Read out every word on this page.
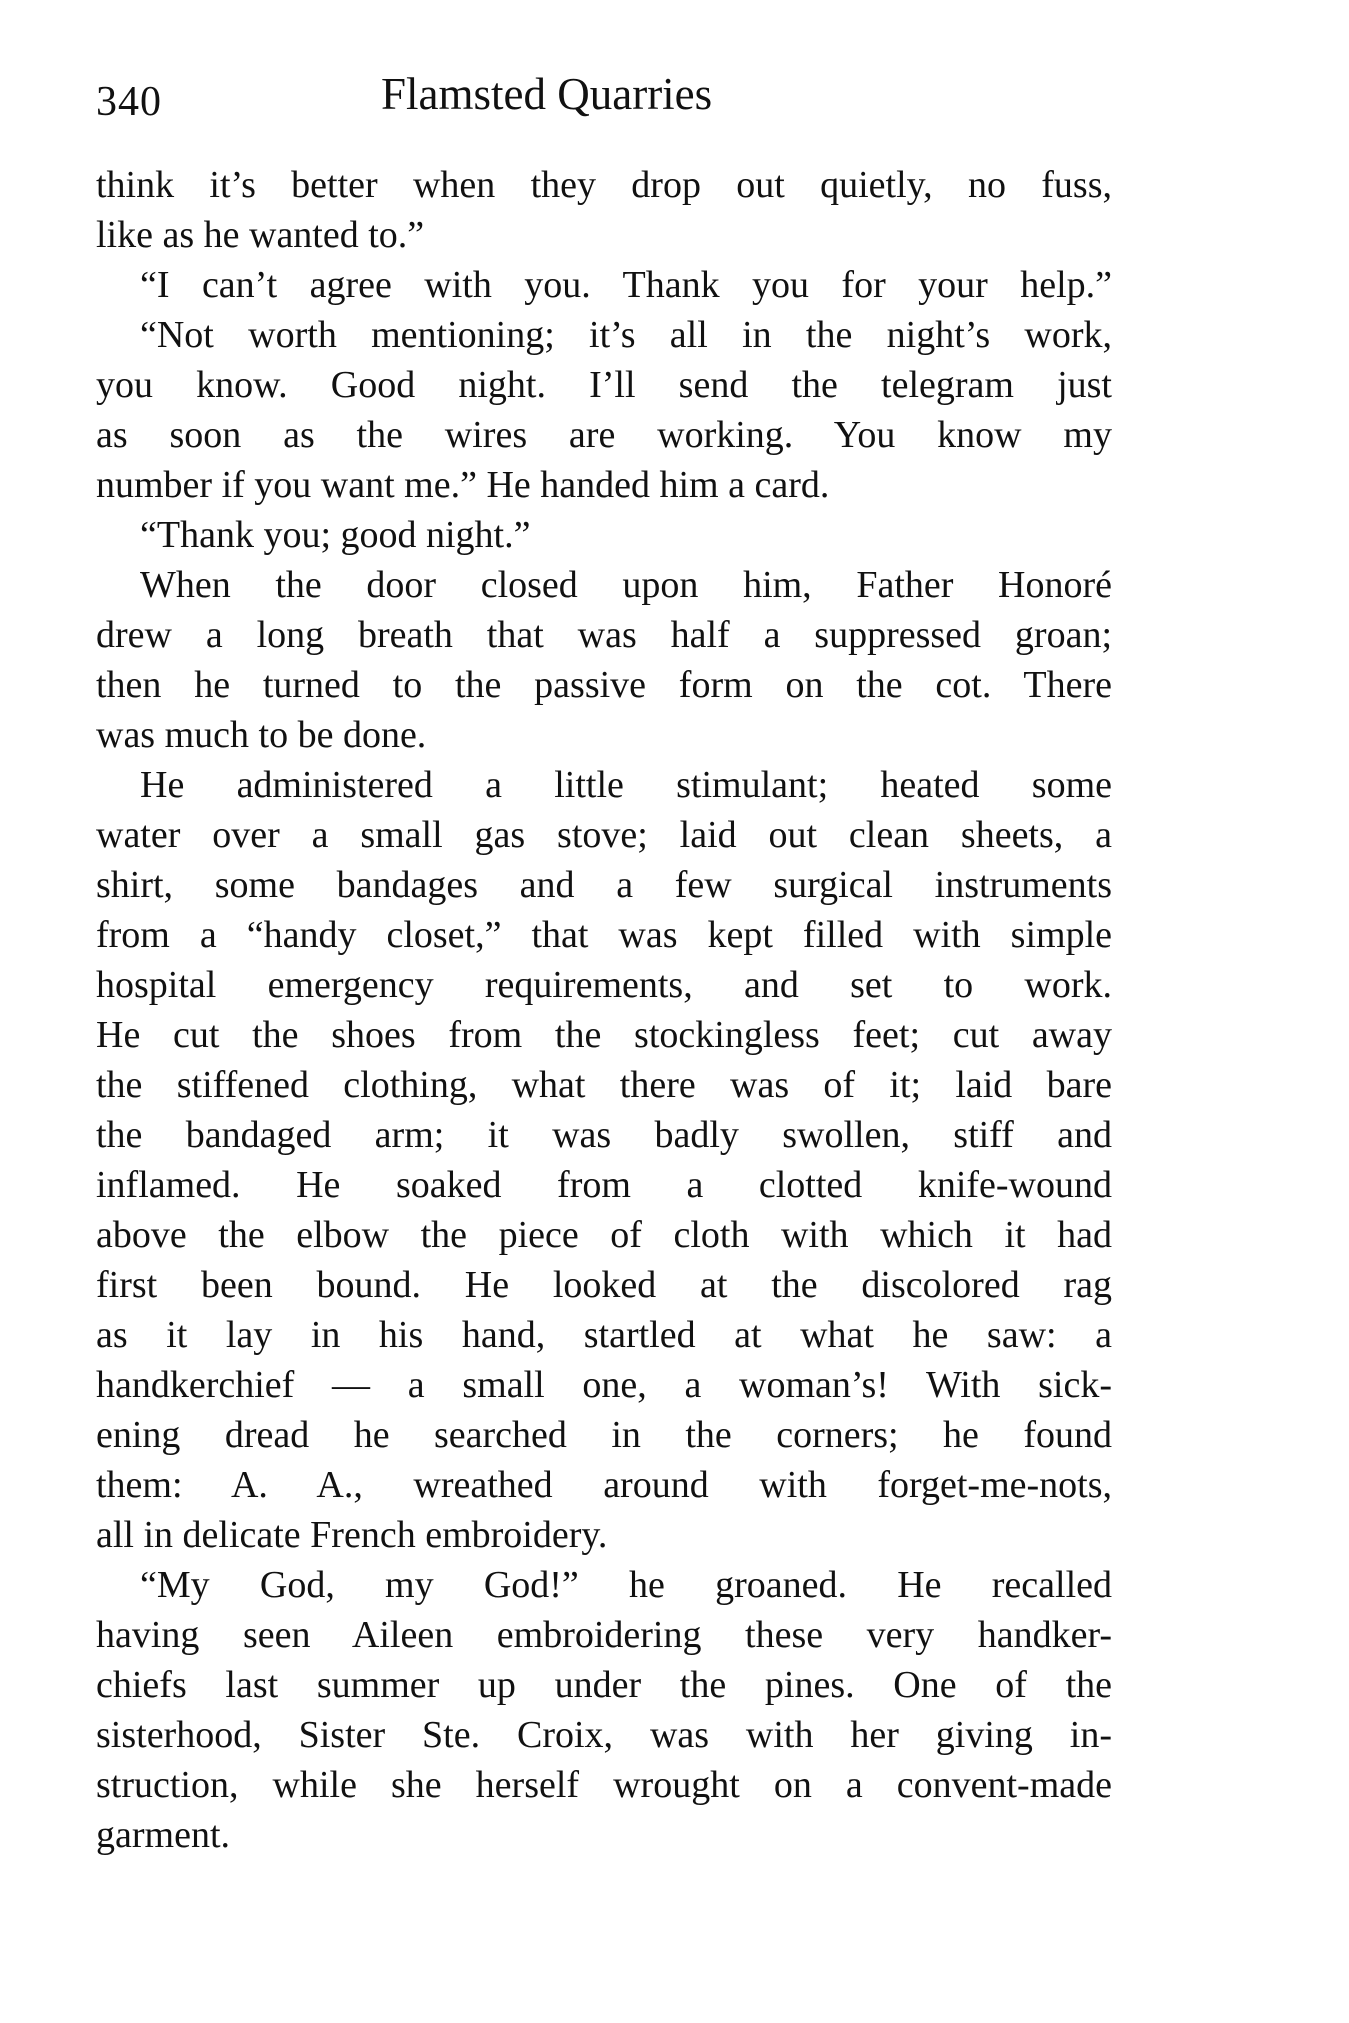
340	Flamsted Quarries
think it’s better when they drop out quietly, no fuss,
like as he wanted to.”
“I can’t agree with you. Thank you for your help.”
“Not worth mentioning; it’s all in the night’s work,
you know. Good night. I’ll send the telegram just
as soon as the wires are working. You know my
number if you want me.” He handed him a card.
“Thank you; good night.”
When the door closed upon him, Father Honoré
drew a long breath that was half a suppressed groan;
then he turned to the passive form on the cot. There
was much to be done.
He administered a little stimulant; heated some
water over a small gas stove; laid out clean sheets, a
shirt, some bandages and a few surgical instruments
from a “handy closet,” that was kept filled with simple
hospital emergency requirements, and set to work.
He cut the shoes from the stockingless feet; cut away
the stiffened clothing, what there was of it; laid bare
the bandaged arm; it was badly swollen, stiff and
inflamed. He soaked from a clotted knife-wound
above the elbow the piece of cloth with which it had
first been bound. He looked at the discolored rag
as it lay in his hand, startled at what he saw: a
handkerchief — a small one, a woman’s! With sick-
ening dread he searched in the corners; he found
them: A. A., wreathed around with forget-me-nots,
all in delicate French embroidery.
“My God, my God!” he groaned. He recalled
having seen Aileen embroidering these very handker-
chiefs last summer up under the pines. One of the
sisterhood, Sister Ste. Croix, was with her giving in-
struction, while she herself wrought on a convent-made
garment.
